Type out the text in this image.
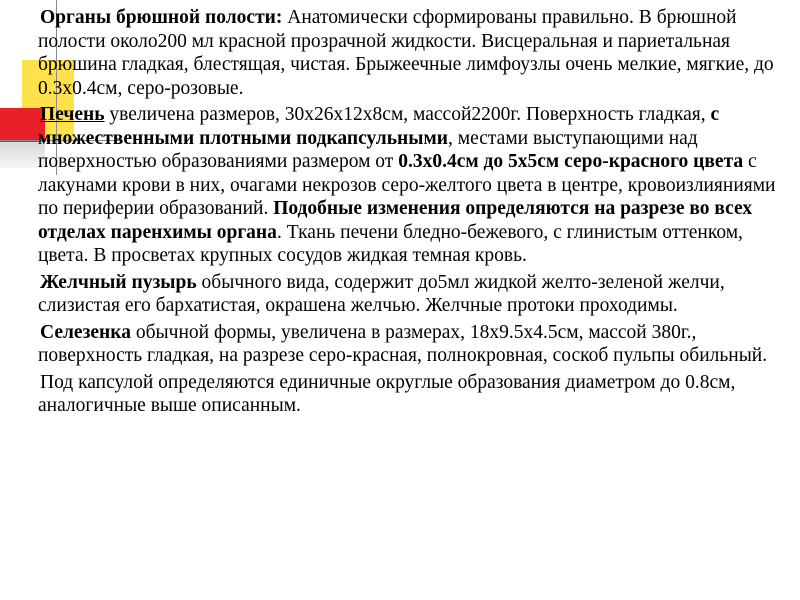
Органы брюшной полости: Анатомически сформированы правильно. В брюшной полости около200 мл красной прозрачной жидкости. Висцеральная и париетальная брюшина гладкая, блестящая, чистая. Брыжеечные лимфоузлы очень мелкие, мягкие, до 0.3х0.4см, серо-розовые.

Печень увеличена размеров, 30х26х12х8см, массой2200г. Поверхность гладкая, с множественными плотными подкапсульными, местами выступающими над поверхностью образованиями размером от 0.3х0.4см до 5х5см серо-красного цвета с лакунами крови в них, очагами некрозов серо-желтого цвета в центре, кровоизлияниями по периферии образований. Подобные изменения определяются на разрезе во всех отделах паренхимы органа. Ткань печени бледно-бежевого, с глинистым оттенком, цвета. В просветах крупных сосудов жидкая темная кровь.

Желчный пузырь обычного вида, содержит до5мл жидкой желто-зеленой желчи, слизистая его бархатистая, окрашена желчью. Желчные протоки проходимы.

Селезенка обычной формы, увеличена в размерах, 18х9.5х4.5см, массой 380г., поверхность гладкая, на разрезе серо-красная, полнокровная, соскоб пульпы обильный.

Под капсулой определяются единичные округлые образования диаметром до 0.8см, аналогичные выше описанным.
